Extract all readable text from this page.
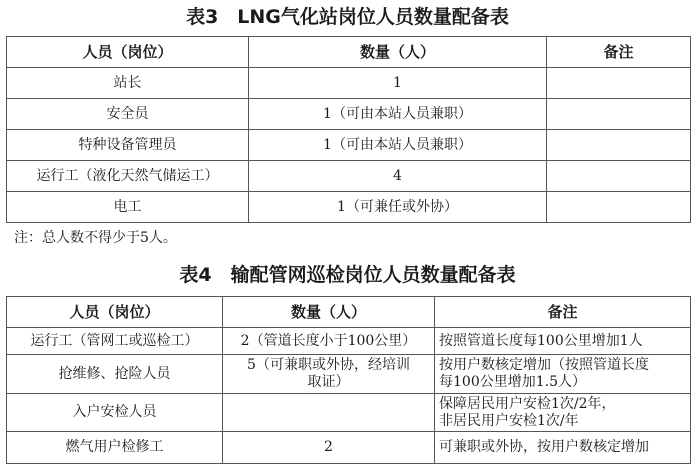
表3　LNG气化站岗位人员数量配备表
人员（岗位）	数量（人）	备注
站长	1	
安全员	1（可由本站人员兼职）	
特种设备管理员	1（可由本站人员兼职）	
运行工（液化天然气储运工）	4	
电工	1（可兼任或外协）	
注：总人数不得少于5人。
表4　输配管网巡检岗位人员数量配备表
人员（岗位）	数量（人）	备注
运行工（管网工或巡检工）	2（管道长度小于100公里）	按照管道长度每100公里增加1人

抢维修、抢险人员	5（可兼职或外协，经培训
取证）	按用户数核定增加（按照管道长度
每100公里增加1.5人）

入户安检人员		保障居民用户安检1次/2年，
非居民用户安检1次/年

燃气用户检修工	2	可兼职或外协，按用户数核定增加
